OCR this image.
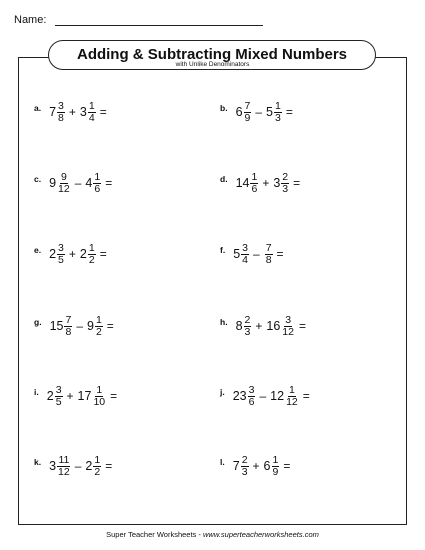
Name:
Adding & Subtracting Mixed Numbers
with Unlike Denominators
a. $7 \frac{3}{8} + 3 \frac{1}{4}$ =	b. $6 \frac{7}{9} - 5 \frac{1}{3}$ =
c. $9 \frac{9}{12} - 4 \frac{1}{6}$ =	d. $14 \frac{1}{6} + 3 \frac{2}{3}$ =
e. $2 \frac{3}{5} + 2 \frac{1}{2}$ =	f. $5 \frac{3}{4} - \frac{7}{8}$ =
g. $15 \frac{7}{8} - 9 \frac{1}{2}$ =	h. $8 \frac{2}{3} + 16 \frac{3}{12}$ =
i. $2 \frac{3}{5} + 17 \frac{1}{10}$ =	j. $23 \frac{3}{6} - 12 \frac{1}{12}$ =
k. $3 \frac{11}{12} - 2 \frac{1}{2}$ =	l. $7 \frac{2}{3} + 6 \frac{1}{9}$ =
Super Teacher Worksheets - www.superteacherworksheets.com
